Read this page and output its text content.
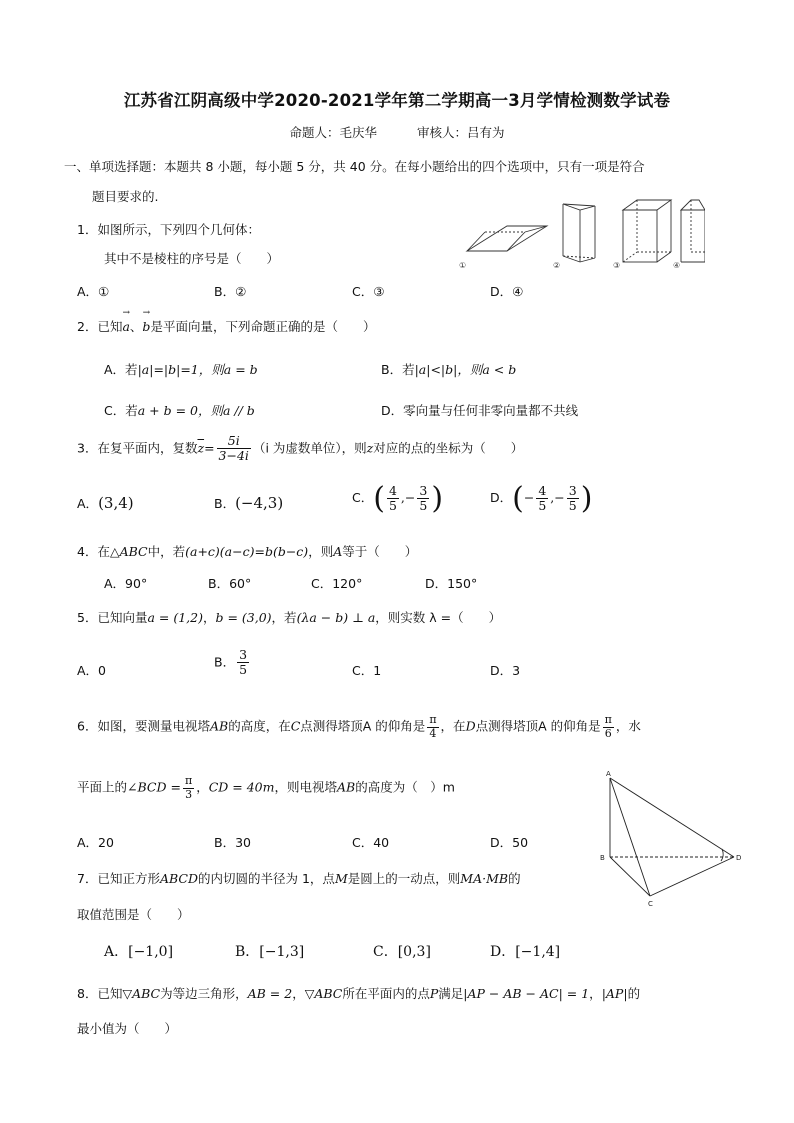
江苏省江阴高级中学2020-2021学年第二学期高一3月学情检测数学试卷
命题人：毛庆华	审核人：吕有为
一、单项选择题：本题共 8 小题，每小题 5 分，共 40 分。在每小题给出的四个选项中，只有一项是符合
题目要求的.
1．如图所示，下列四个几何体：
其中不是棱柱的序号是（　　）	①	②	③	④
A．①	B．②	C．③	D．④
2．已知→ a、→ b是平面向量，下列命题正确的是（　　）
A．若|a|=|b|=1，则a = b	B．若|a|<|b|，则a < b
C．若a + b = 0，则a // b	D．零向量与任何非零向量都不共线
3．在复平面内，复数$\overline{z}= \frac{5i}{3-4i} (i$ 为虚数单位），则z对应的点的坐标为（　　）
A．(3,4)	B．(−4,3)	C．( $\frac{4}{5}$ ,− $\frac{3}{5}$ )	D．(− $\frac{4}{5}$ ,− $\frac{3}{5}$ )
4．在△ABC中，若(a+c)(a−c)=b(b−c)，则A等于（　　）
A．90°	B．60°	C．120°	D．150°
5．已知向量a = (1,2)，b = (3,0)，若(λa − b) ⊥ a，则实数 λ =（　　）
A．0
B． $\frac{3}{5}$	C．1	D．3
6．如图，要测量电视塔AB的高度，在C点测得塔顶A 的仰角是 $\frac{\pi}{4}$ ，在D点测得塔顶A 的仰角是 $\frac{\pi}{6}$ ，水
平面上的∠BCD = $\frac{\pi}{3}$ ，CD = 40m，则电视塔AB的高度为（　）m
A．20	B．30	C．40	D．50
A
B
C
D
7．已知正方形ABCD的内切圆的半径为 1，点M是圆上的一动点，则MA·MB的
取值范围是（　　）
A．[−1,0]	B．[−1,3]	C．[0,3]	D．[−1,4]
8．已知▽ABC为等边三角形，AB = 2，▽ABC所在平面内的点P满足|AP − AB − AC| = 1，|AP|的
最小值为（　　）
